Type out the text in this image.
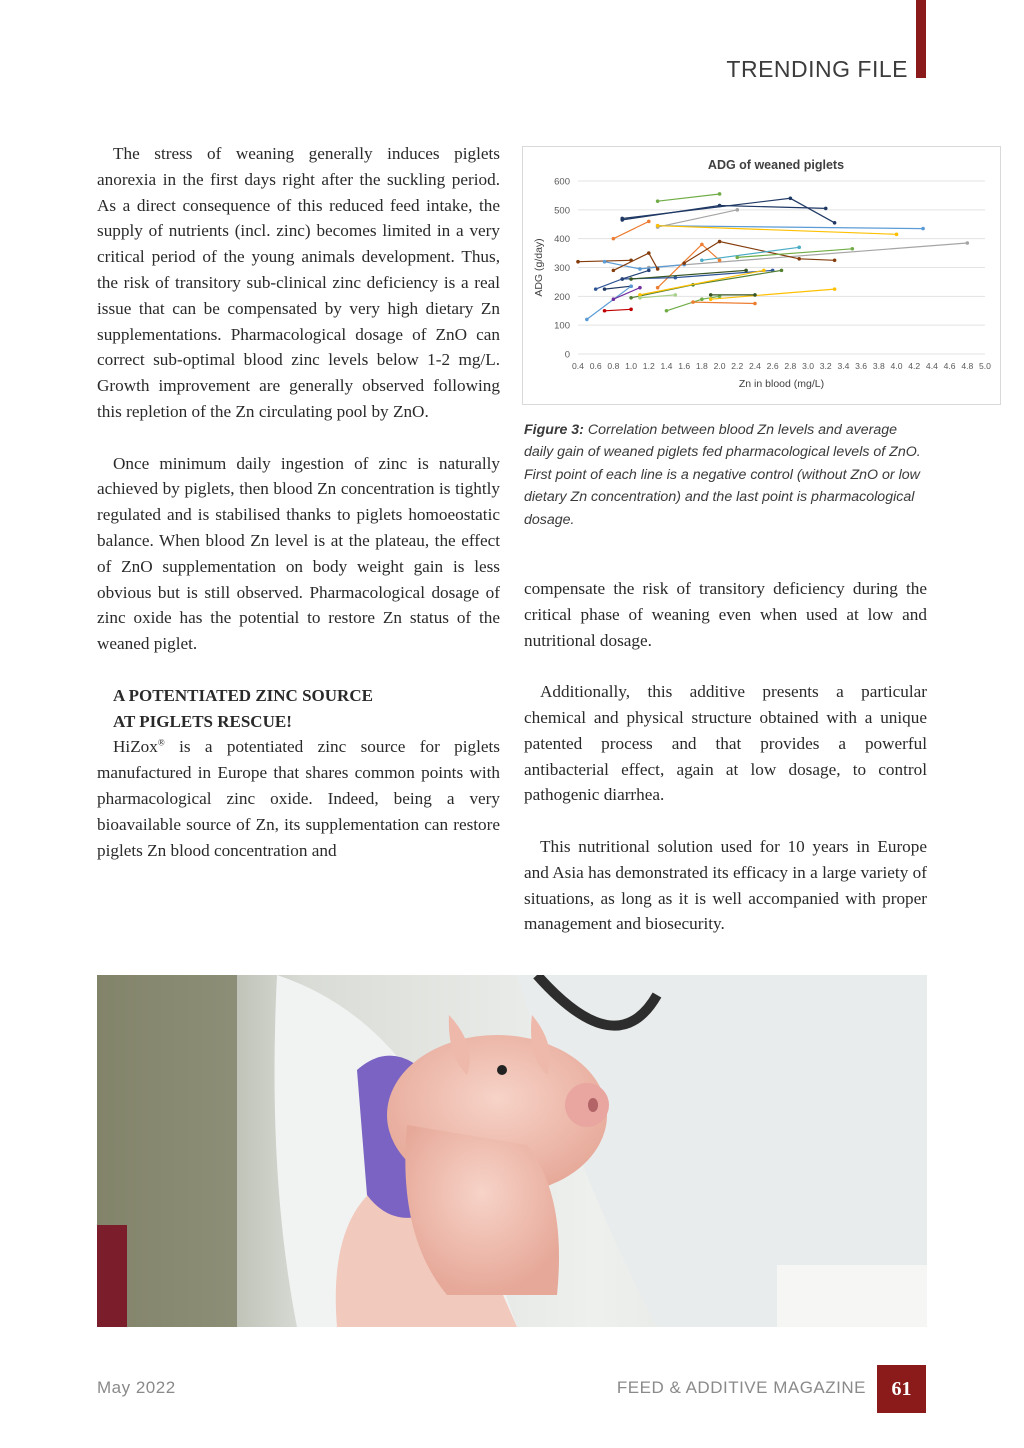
TRENDING FILE

The stress of weaning generally induces piglets anorexia in the first days right after the suckling period. As a direct consequence of this reduced feed intake, the supply of nutrients (incl. zinc) becomes limited in a very critical period of the young animals development. Thus, the risk of transitory sub-clinical zinc deficiency is a real issue that can be compensated by very high dietary Zn supplementations. Pharmacological dosage of ZnO can correct sub-optimal blood zinc levels below 1-2 mg/L. Growth improvement are generally observed following this repletion of the Zn circulating pool by ZnO.

Once minimum daily ingestion of zinc is naturally achieved by piglets, then blood Zn concentration is tightly regulated and is stabilised thanks to piglets homoeostatic balance. When blood Zn level is at the plateau, the effect of ZnO supplementation on body weight gain is less obvious but is still observed. Pharmacological dosage of zinc oxide has the potential to restore Zn status of the weaned piglet.

A POTENTIATED ZINC SOURCE
AT PIGLETS RESCUE!

HiZox® is a potentiated zinc source for piglets manufactured in Europe that shares common points with pharmacological zinc oxide. Indeed, being a very bioavailable source of Zn, its supplementation can restore piglets Zn blood concentration and

ADG of weaned piglets
0
100
200
300
400
500
600
0.4 0.6 0.8 1.0 1.2 1.4 1.6 1.8 2.0 2.2 2.4 2.6 2.8 3.0 3.2 3.4 3.6 3.8 4.0 4.2 4.4 4.6 4.8 5.0
Zn in blood (mg/L)
ADG (g/day)
Figure 3: Correlation between blood Zn levels and average daily gain of weaned piglets fed pharmacological levels of ZnO. First point of each line is a negative control (without ZnO or low dietary Zn concentration) and the last point is pharmacological dosage.

compensate the risk of transitory deficiency during the critical phase of weaning even when used at low and nutritional dosage.

Additionally, this additive presents a particular chemical and physical structure obtained with a unique patented process and that provides a powerful antibacterial effect, again at low dosage, to control pathogenic diarrhea.

This nutritional solution used for 10 years in Europe and Asia has demonstrated its efficacy in a large variety of situations, as long as it is well accompanied with proper management and biosecurity.

May 2022	FEED & ADDITIVE MAGAZINE	61
